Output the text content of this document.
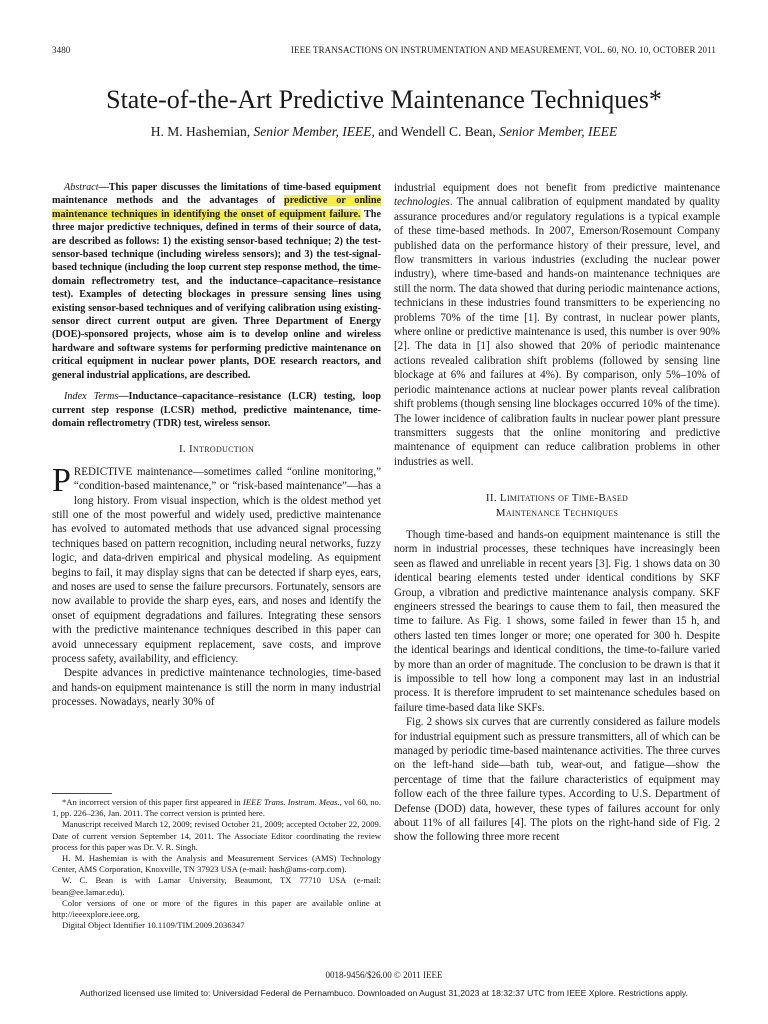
3480	IEEE TRANSACTIONS ON INSTRUMENTATION AND MEASUREMENT, VOL. 60, NO. 10, OCTOBER 2011
State-of-the-Art Predictive Maintenance Techniques*
H. M. Hashemian, Senior Member, IEEE, and Wendell C. Bean, Senior Member, IEEE

Abstract—This paper discusses the limitations of time-based equipment maintenance methods and the advantages of predictive or online maintenance techniques in identifying the onset of equipment failure. The three major predictive techniques, defined in terms of their source of data, are described as follows: 1) the existing sensor-based technique; 2) the test-sensor-based technique (including wireless sensors); and 3) the test-signal-based technique (including the loop current step response method, the time-domain reflectrometry test, and the inductance–capacitance–resistance test). Examples of detecting blockages in pressure sensing lines using existing sensor-based techniques and of verifying calibration using existing-sensor direct current output are given. Three Department of Energy (DOE)-sponsored projects, whose aim is to develop online and wireless hardware and software systems for performing predictive maintenance on critical equipment in nuclear power plants, DOE research reactors, and general industrial applications, are described.

Index Terms—Inductance–capacitance–resistance (LCR) testing, loop current step response (LCSR) method, predictive maintenance, time-domain reflectrometry (TDR) test, wireless sensor.

I. Introduction

PREDICTIVE maintenance—sometimes called “online monitoring,” “condition-based maintenance,” or “risk-based maintenance”—has a long history. From visual inspection, which is the oldest method yet still one of the most powerful and widely used, predictive maintenance has evolved to automated methods that use advanced signal processing techniques based on pattern recognition, including neural networks, fuzzy logic, and data-driven empirical and physical modeling. As equipment begins to fail, it may display signs that can be detected if sharp eyes, ears, and noses are used to sense the failure precursors. Fortunately, sensors are now available to provide the sharp eyes, ears, and noses and identify the onset of equipment degradations and failures. Integrating these sensors with the predictive maintenance techniques described in this paper can avoid unnecessary equipment replacement, save costs, and improve process safety, availability, and efficiency.

Despite advances in predictive maintenance technologies, time-based and hands-on equipment maintenance is still the norm in many industrial processes. Nowadays, nearly 30% of

*An incorrect version of this paper first appeared in IEEE Trans. Instrum. Meas., vol 60, no. 1, pp. 226–236, Jan. 2011. The correct version is printed here.

Manuscript received March 12, 2009; revised October 21, 2009; accepted October 22, 2009. Date of current version September 14, 2011. The Associate Editor coordinating the review process for this paper was Dr. V. R. Singh.

H. M. Hashemian is with the Analysis and Measurement Services (AMS) Technology Center, AMS Corporation, Knoxville, TN 37923 USA (e-mail: hash@ams-corp.com).

W. C. Bean is with Lamar University, Beaumont, TX 77710 USA (e-mail: bean@ee.lamar.edu).

Color versions of one or more of the figures in this paper are available online at http://ieeexplore.ieee.org.

Digital Object Identifier 10.1109/TIM.2009.2036347

industrial equipment does not benefit from predictive maintenance technologies. The annual calibration of equipment mandated by quality assurance procedures and/or regulatory regulations is a typical example of these time-based methods. In 2007, Emerson/Rosemount Company published data on the performance history of their pressure, level, and flow transmitters in various industries (excluding the nuclear power industry), where time-based and hands-on maintenance techniques are still the norm. The data showed that during periodic maintenance actions, technicians in these industries found transmitters to be experiencing no problems 70% of the time [1]. By contrast, in nuclear power plants, where online or predictive maintenance is used, this number is over 90% [2]. The data in [1] also showed that 20% of periodic maintenance actions revealed calibration shift problems (followed by sensing line blockage at 6% and failures at 4%). By comparison, only 5%–10% of periodic maintenance actions at nuclear power plants reveal calibration shift problems (though sensing line blockages occurred 10% of the time). The lower incidence of calibration faults in nuclear power plant pressure transmitters suggests that the online monitoring and predictive maintenance of equipment can reduce calibration problems in other industries as well.

II. Limitations of Time-Based
Maintenance Techniques

Though time-based and hands-on equipment maintenance is still the norm in industrial processes, these techniques have increasingly been seen as flawed and unreliable in recent years [3]. Fig. 1 shows data on 30 identical bearing elements tested under identical conditions by SKF Group, a vibration and predictive maintenance analysis company. SKF engineers stressed the bearings to cause them to fail, then measured the time to failure. As Fig. 1 shows, some failed in fewer than 15 h, and others lasted ten times longer or more; one operated for 300 h. Despite the identical bearings and identical conditions, the time-to-failure varied by more than an order of magnitude. The conclusion to be drawn is that it is impossible to tell how long a component may last in an industrial process. It is therefore imprudent to set maintenance schedules based on failure time-based data like SKFs.

Fig. 2 shows six curves that are currently considered as failure models for industrial equipment such as pressure transmitters, all of which can be managed by periodic time-based maintenance activities. The three curves on the left-hand side—bath tub, wear-out, and fatigue—show the percentage of time that the failure characteristics of equipment may follow each of the three failure types. According to U.S. Department of Defense (DOD) data, however, these types of failures account for only about 11% of all failures [4]. The plots on the right-hand side of Fig. 2 show the following three more recent

0018-9456/$26.00 © 2011 IEEE
Authorized licensed use limited to: Universidad Federal de Pernambuco. Downloaded on August 31,2023 at 18:32:37 UTC from IEEE Xplore. Restrictions apply.
